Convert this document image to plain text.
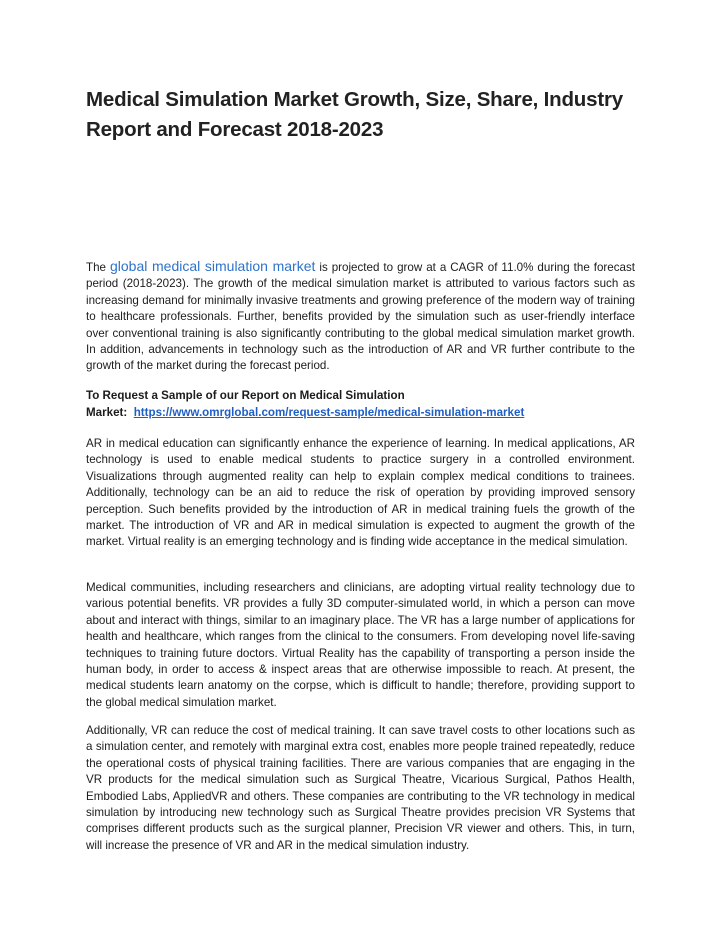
Medical Simulation Market Growth, Size, Share, Industry Report and Forecast 2018-2023

The global medical simulation market is projected to grow at a CAGR of 11.0% during the forecast period (2018-2023). The growth of the medical simulation market is attributed to various factors such as increasing demand for minimally invasive treatments and growing preference of the modern way of training to healthcare professionals. Further, benefits provided by the simulation such as user-friendly interface over conventional training is also significantly contributing to the global medical simulation market growth. In addition, advancements in technology such as the introduction of AR and VR further contribute to the growth of the market during the forecast period.

To Request a Sample of our Report on Medical Simulation
Market: https://www.omrglobal.com/request-sample/medical-simulation-market

AR in medical education can significantly enhance the experience of learning. In medical applications, AR technology is used to enable medical students to practice surgery in a controlled environment. Visualizations through augmented reality can help to explain complex medical conditions to trainees. Additionally, technology can be an aid to reduce the risk of operation by providing improved sensory perception. Such benefits provided by the introduction of AR in medical training fuels the growth of the market. The introduction of VR and AR in medical simulation is expected to augment the growth of the market. Virtual reality is an emerging technology and is finding wide acceptance in the medical simulation.

Medical communities, including researchers and clinicians, are adopting virtual reality technology due to various potential benefits. VR provides a fully 3D computer-simulated world, in which a person can move about and interact with things, similar to an imaginary place. The VR has a large number of applications for health and healthcare, which ranges from the clinical to the consumers. From developing novel life-saving techniques to training future doctors. Virtual Reality has the capability of transporting a person inside the human body, in order to access & inspect areas that are otherwise impossible to reach. At present, the medical students learn anatomy on the corpse, which is difficult to handle; therefore, providing support to the global medical simulation market.

Additionally, VR can reduce the cost of medical training. It can save travel costs to other locations such as a simulation center, and remotely with marginal extra cost, enables more people trained repeatedly, reduce the operational costs of physical training facilities. There are various companies that are engaging in the VR products for the medical simulation such as Surgical Theatre, Vicarious Surgical, Pathos Health, Embodied Labs, AppliedVR and others. These companies are contributing to the VR technology in medical simulation by introducing new technology such as Surgical Theatre provides precision VR Systems that comprises different products such as the surgical planner, Precision VR viewer and others. This, in turn, will increase the presence of VR and AR in the medical simulation industry.
